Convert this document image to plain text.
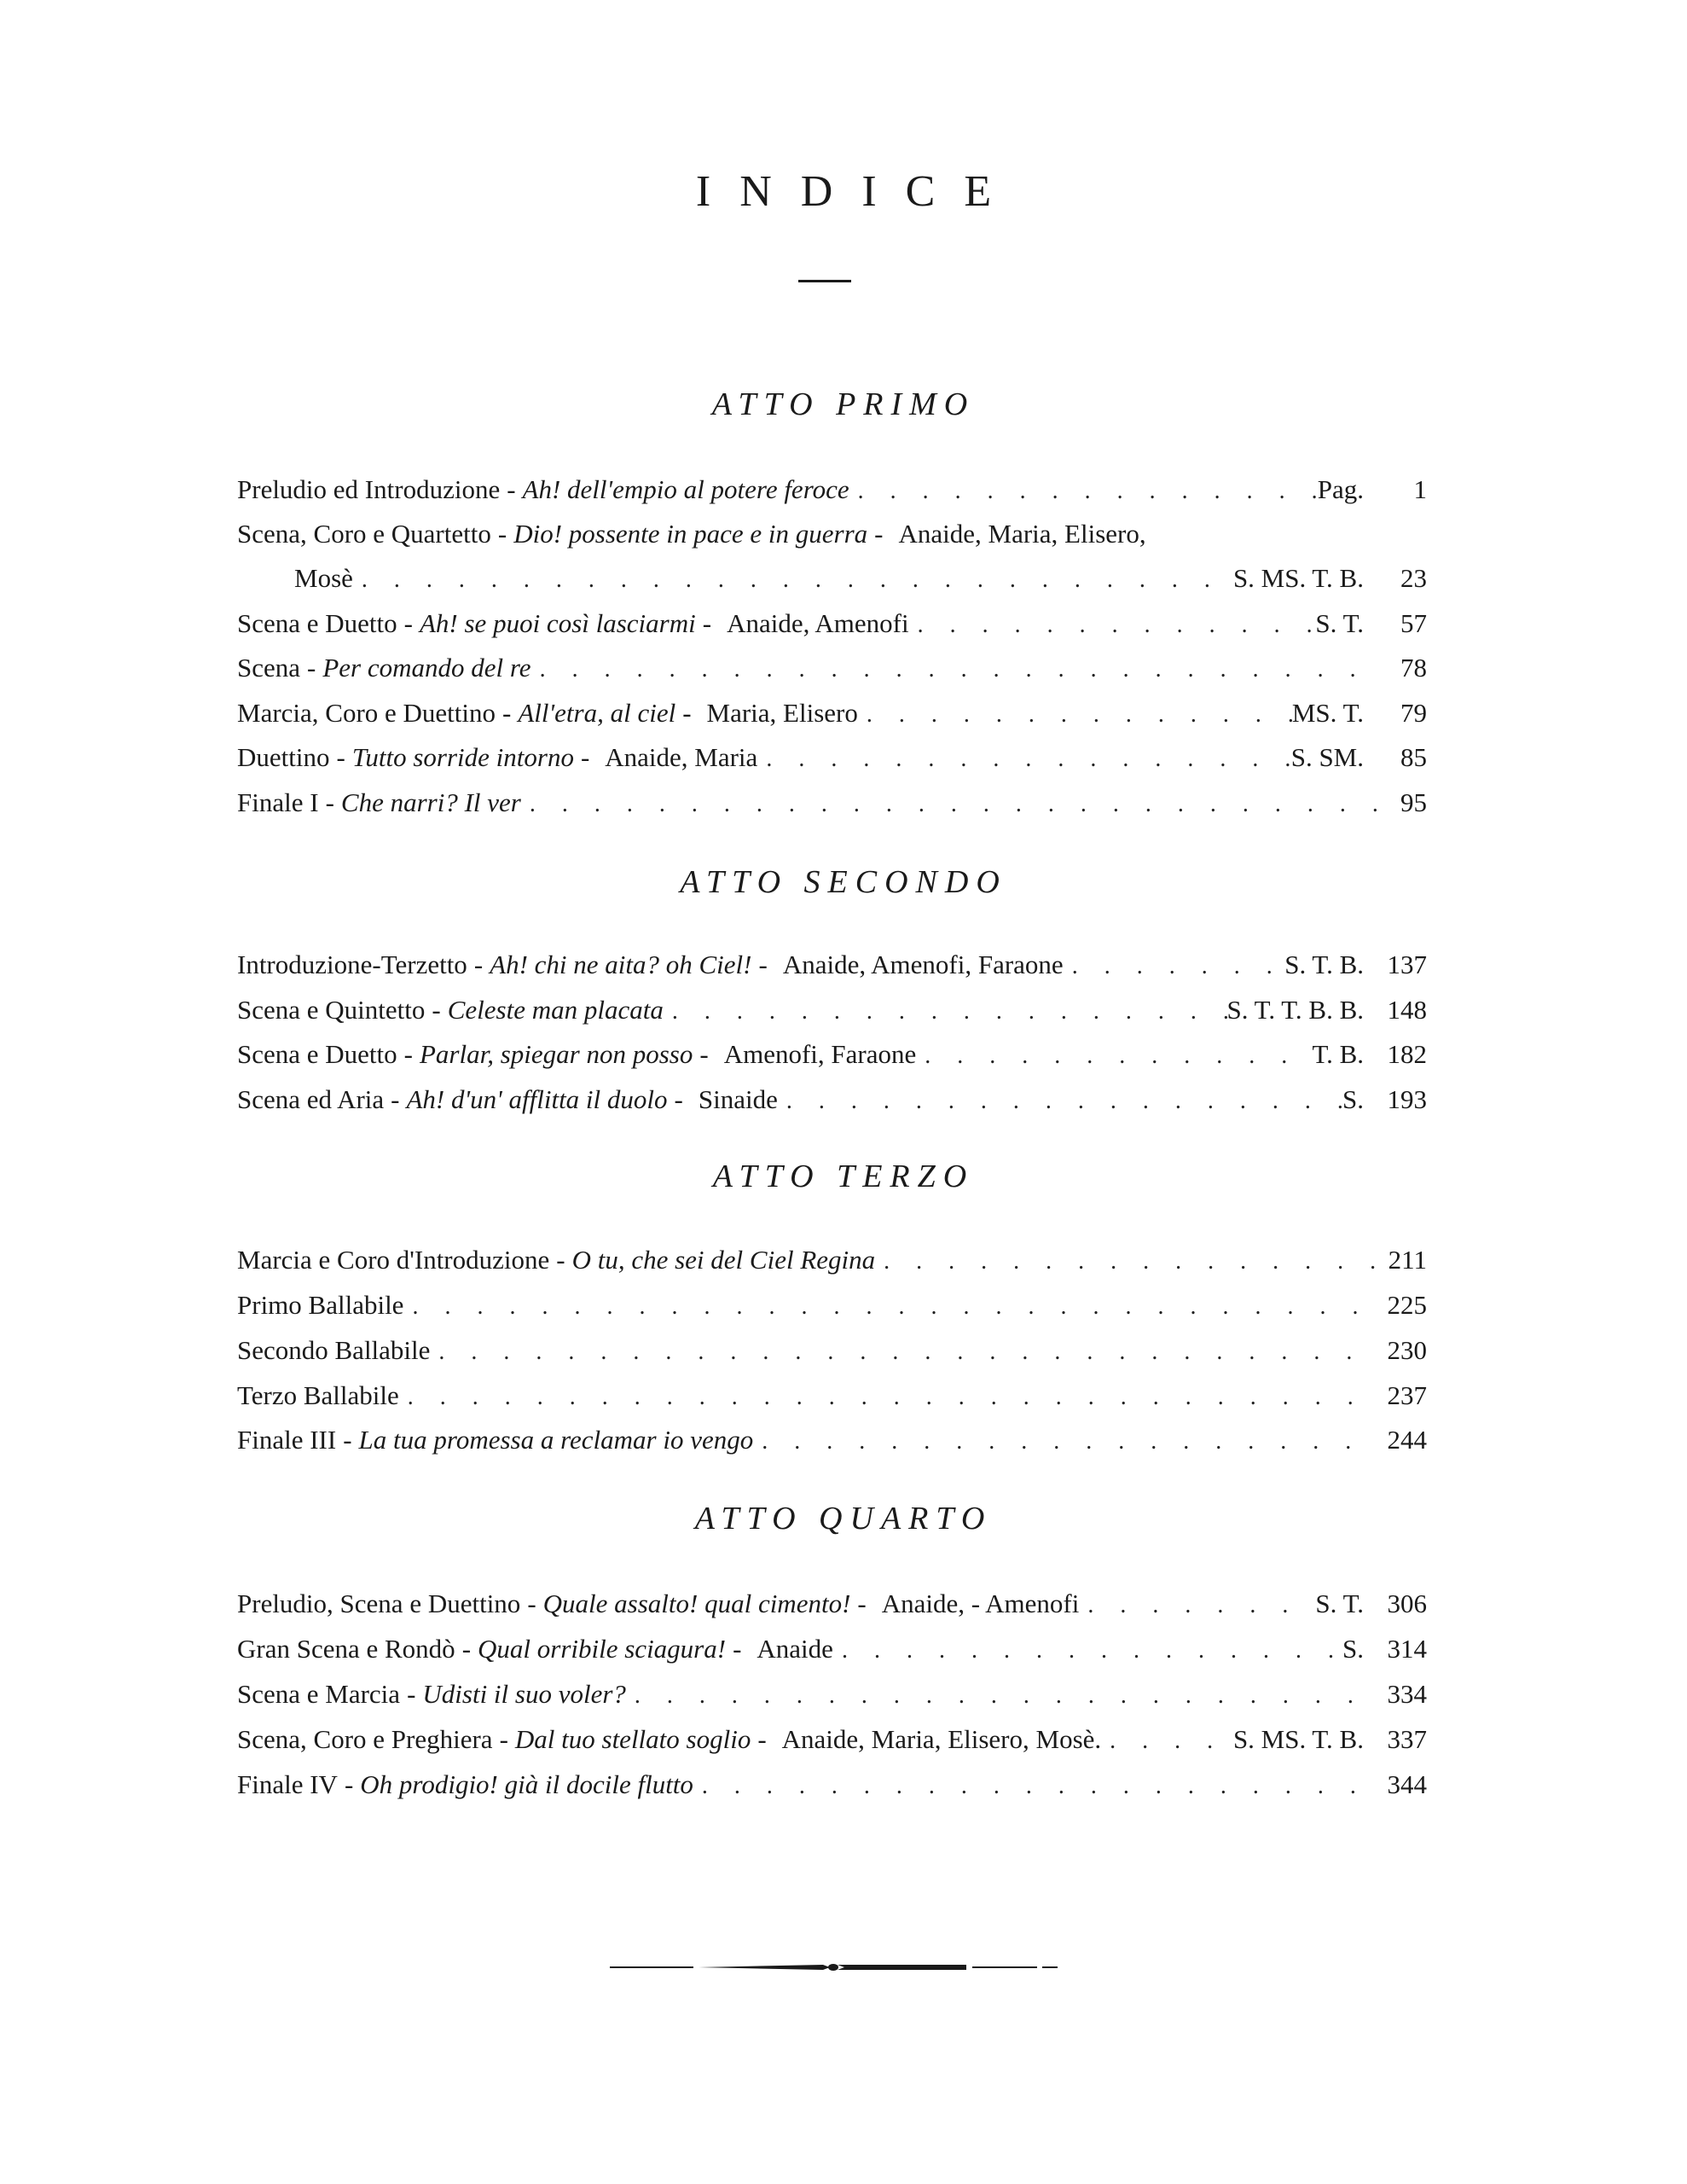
INDICE
ATTO PRIMO
Preludio ed Introduzione - Ah! dell'empio al potere feroce . . .	Pag.	1
Scena, Coro e Quartetto - Dio! possente in pace e in guerra - Anaide, Maria, Elisero,
Mosè . . .	S. MS. T. B.	23
Scena e Duetto - Ah! se puoi così lasciarmi - Anaide, Amenofi . . .	S. T.	57
Scena - Per comando del re . . .	78
Marcia, Coro e Duettino - All'etra, al ciel - Maria, Elisero . . .	MS. T.	79
Duettino - Tutto sorride intorno - Anaide, Maria . . .	S. SM.	85
Finale I - Che narri? Il ver . . .	95
ATTO SECONDO
Introduzione-Terzetto - Ah! chi ne aita? oh Ciel! - Anaide, Amenofi, Faraone . . .	S. T. B. 137
Scena e Quintetto - Celeste man placata . . .	S. T. T. B. B. 148
Scena e Duetto - Parlar, spiegar non posso - Amenofi, Faraone . . .	T. B. 182
Scena ed Aria - Ah! d'un' afflitta il duolo - Sinaide . . .	S. 193
ATTO TERZO
Marcia e Coro d'Introduzione - O tu, che sei del Ciel Regina . . .	211
Primo Ballabile . . .	225
Secondo Ballabile . . .	230
Terzo Ballabile . . .	237
Finale III - La tua promessa a reclamar io vengo . . .	244
ATTO QUARTO
Preludio, Scena e Duettino - Quale assalto! qual cimento! - Anaide, - Amenofi . . .	S. T. 306
Gran Scena e Rondò - Qual orribile sciagura! - Anaide . . .	S. 314
Scena e Marcia - Udisti il suo voler? . . .	334
Scena, Coro e Preghiera - Dal tuo stellato soglio - Anaide, Maria, Elisero, Mosè. . . .	S. MS. T. B. 337
Finale IV - Oh prodigio! già il docile flutto . . .	344
